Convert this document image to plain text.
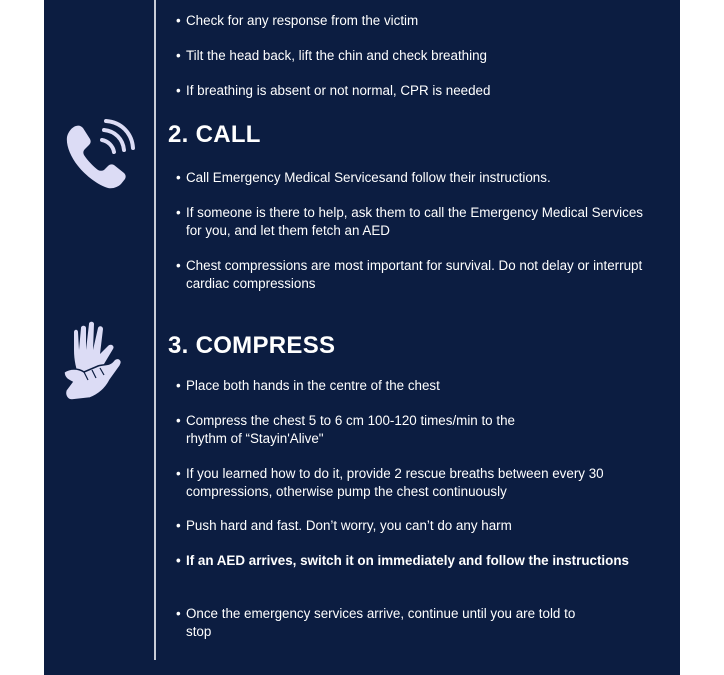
• Check for any response from the victim

• Tilt the head back, lift the chin and check breathing

• If breathing is absent or not normal, CPR is needed

2. CALL

• Call Emergency Medical Servicesand follow their instructions.

• If someone is there to help, ask them to call the Emergency Medical Services for you, and let them fetch an AED

• Chest compressions are most important for survival. Do not delay or interrupt cardiac compressions

3. COMPRESS

• Place both hands in the centre of the chest

• Compress the chest 5 to 6 cm 100-120 times/min to the rhythm of “Stayin'Alive"

• If you learned how to do it, provide 2 rescue breaths between every 30 compressions, otherwise pump the chest continuously

• Push hard and fast. Don’t worry, you can’t do any harm

• If an AED arrives, switch it on immediately and follow the instructions

• Once the emergency services arrive, continue until you are told to stop
